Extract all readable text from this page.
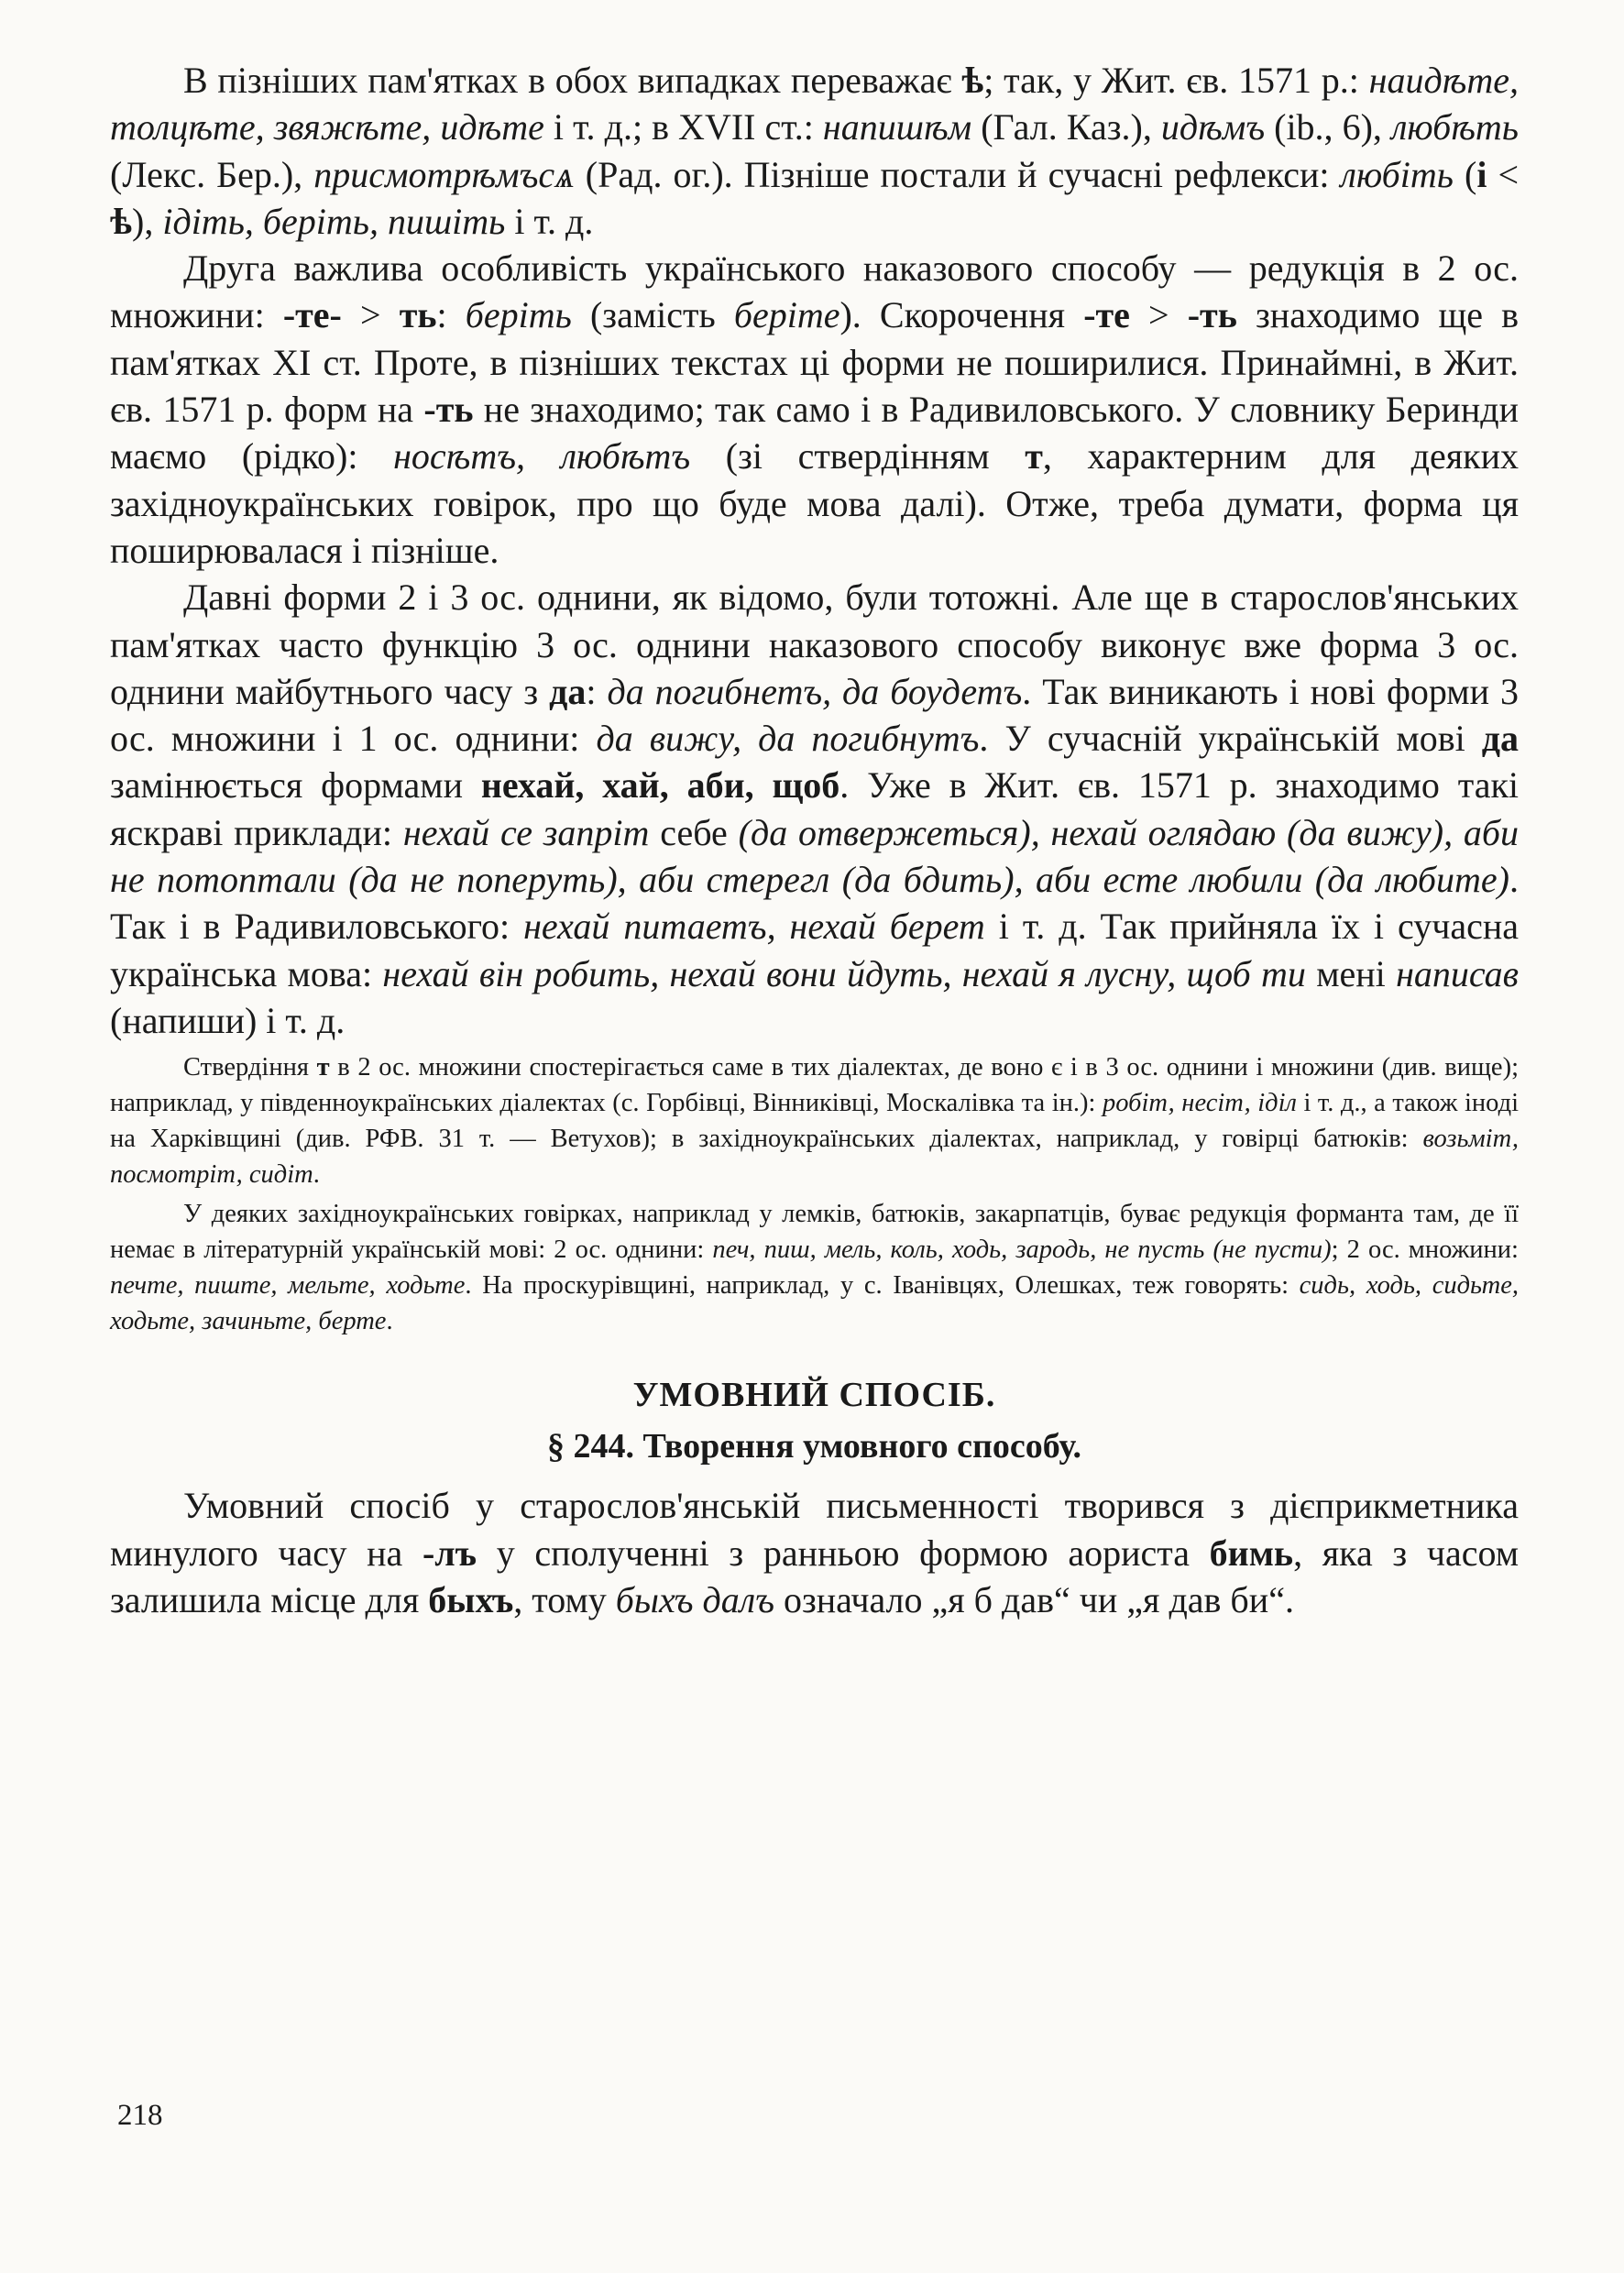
В пізніших пам'ятках в обох випадках переважає ѣ; так, у Жит. єв. 1571 р.: наидѣте, толцѣте, звяжѣте, идѣте і т. д.; в XVII ст.: напишѣм (Гал. Каз.), идѣмъ (ib., 6), любѣть (Лекс. Бер.), присмотрѣмъсѧ (Рад. ог.). Пізніше постали й сучасні рефлекси: любіть (і < ѣ), ідіть, беріть, пишіть і т. д.

Друга важлива особливість українського наказового способу — редукція в 2 ос. множини: -те- > ть: беріть (замість беріте). Скорочення -те > -ть знаходимо ще в пам'ятках XI ст. Проте, в пізніших текстах ці форми не поширилися. Принаймні, в Жит. єв. 1571 р. форм на -ть не знаходимо; так само і в Радивиловського. У словнику Беринди маємо (рідко): носѣтъ, любѣтъ (зі ствердінням т, характерним для деяких західноукраїнських говірок, про що буде мова далі). Отже, треба думати, форма ця поширювалася і пізніше.

Давні форми 2 і 3 ос. однини, як відомо, були тотожні. Але ще в старослов'янських пам'ятках часто функцію 3 ос. однини наказового способу виконує вже форма 3 ос. однини майбутнього часу з да: да погибнетъ, да боудетъ. Так виникають і нові форми 3 ос. множини і 1 ос. однини: да вижу, да погибнутъ. У сучасній українській мові да замінюється формами нехай, хай, аби, щоб. Уже в Жит. єв. 1571 р. знаходимо такі яскраві приклади: нехай се запріт себе (да отвержеться), нехай оглядаю (да вижу), аби не потоптали (да не поперуть), аби стерегл (да бдить), аби есте любили (да любите). Так і в Радивиловського: нехай питаетъ, нехай берет і т. д. Так прийняла їх і сучасна українська мова: нехай він робить, нехай вони йдуть, нехай я лусну, щоб ти мені написав (напиши) і т. д.

Ствердіння т в 2 ос. множини спостерігається саме в тих діалектах, де воно є і в 3 ос. однини і множини (див. вище); наприклад, у південноукраїнських діалектах (с. Горбівці, Вінниківці, Москалівка та ін.): робіт, несіт, іділ і т. д., а також іноді на Харківщині (див. РФВ. 31 т. — Ветухов); в західноукраїнських діалектах, наприклад, у говірці батюків: возьміт, посмотріт, сидіт.

У деяких західноукраїнських говірках, наприклад у лемків, батюків, закарпатців, буває редукція форманта там, де її немає в літературній українській мові: 2 ос. однини: печ, пиш, мель, коль, ходь, зародь, не пусть (не пусти); 2 ос. множини: печте, пиште, мельте, ходьте. На проскурівщині, наприклад, у с. Іванівцях, Олешках, теж говорять: сидь, ходь, сидьте, ходьте, зачиньте, берте.

УМОВНИЙ СПОСІБ.
§ 244. Творення умовного способу.

Умовний спосіб у старослов'янській письменності творився з дієприкметника минулого часу на -лъ у сполученні з ранньою формою аориста бимь, яка з часом залишила місце для быхъ, тому быхъ далъ означало „я б дав“ чи „я дав би“.

218
